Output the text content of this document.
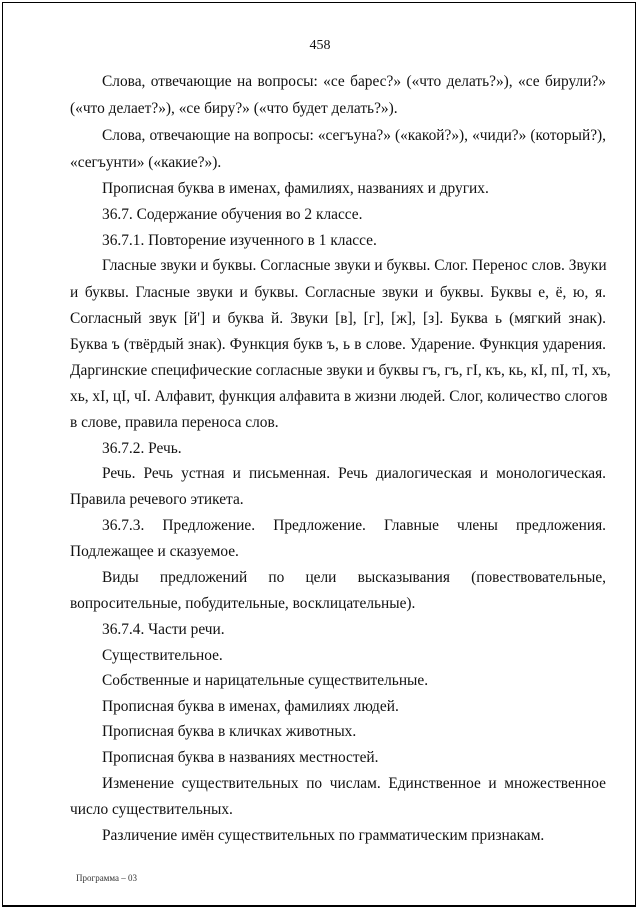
458
Слова, отвечающие на вопросы: «се барес?» («что делать?»), «се бирули?»
(«что делает?»), «се биру?» («что будет делать?»).
Слова, отвечающие на вопросы: «сегъуна?» («какой?»), «чиди?» (который?),
«сегъунти» («какие?»).
Прописная буква в именах, фамилиях, названиях и других.
36.7. Содержание обучения во 2 классе.
36.7.1. Повторение изученного в 1 классе.
Гласные звуки и буквы. Согласные звуки и буквы. Слог. Перенос слов. Звуки
и буквы. Гласные звуки и буквы. Согласные звуки и буквы. Буквы е, ё, ю, я.
Согласный звук [й'] и буква й. Звуки [в], [г], [ж], [з]. Буква ь (мягкий знак).
Буква ъ (твёрдый знак). Функция букв ъ, ь в слове. Ударение. Функция ударения.
Даргинские специфические согласные звуки и буквы гъ, гъ, гI, къ, кь, кI, пI, тI, хъ,
хь, хI, цI, чI. Алфавит, функция алфавита в жизни людей. Слог, количество слогов
в слове, правила переноса слов.
36.7.2. Речь.
Речь. Речь устная и письменная. Речь диалогическая и монологическая.
Правила речевого этикета.
36.7.3. Предложение. Предложение. Главные члены предложения.
Подлежащее и сказуемое.
Виды предложений по цели высказывания (повествовательные,
вопросительные, побудительные, восклицательные).
36.7.4. Части речи.
Существительное.
Собственные и нарицательные существительные.
Прописная буква в именах, фамилиях людей.
Прописная буква в кличках животных.
Прописная буква в названиях местностей.
Изменение существительных по числам. Единственное и множественное
число существительных.
Различение имён существительных по грамматическим признакам.
Программа – 03
